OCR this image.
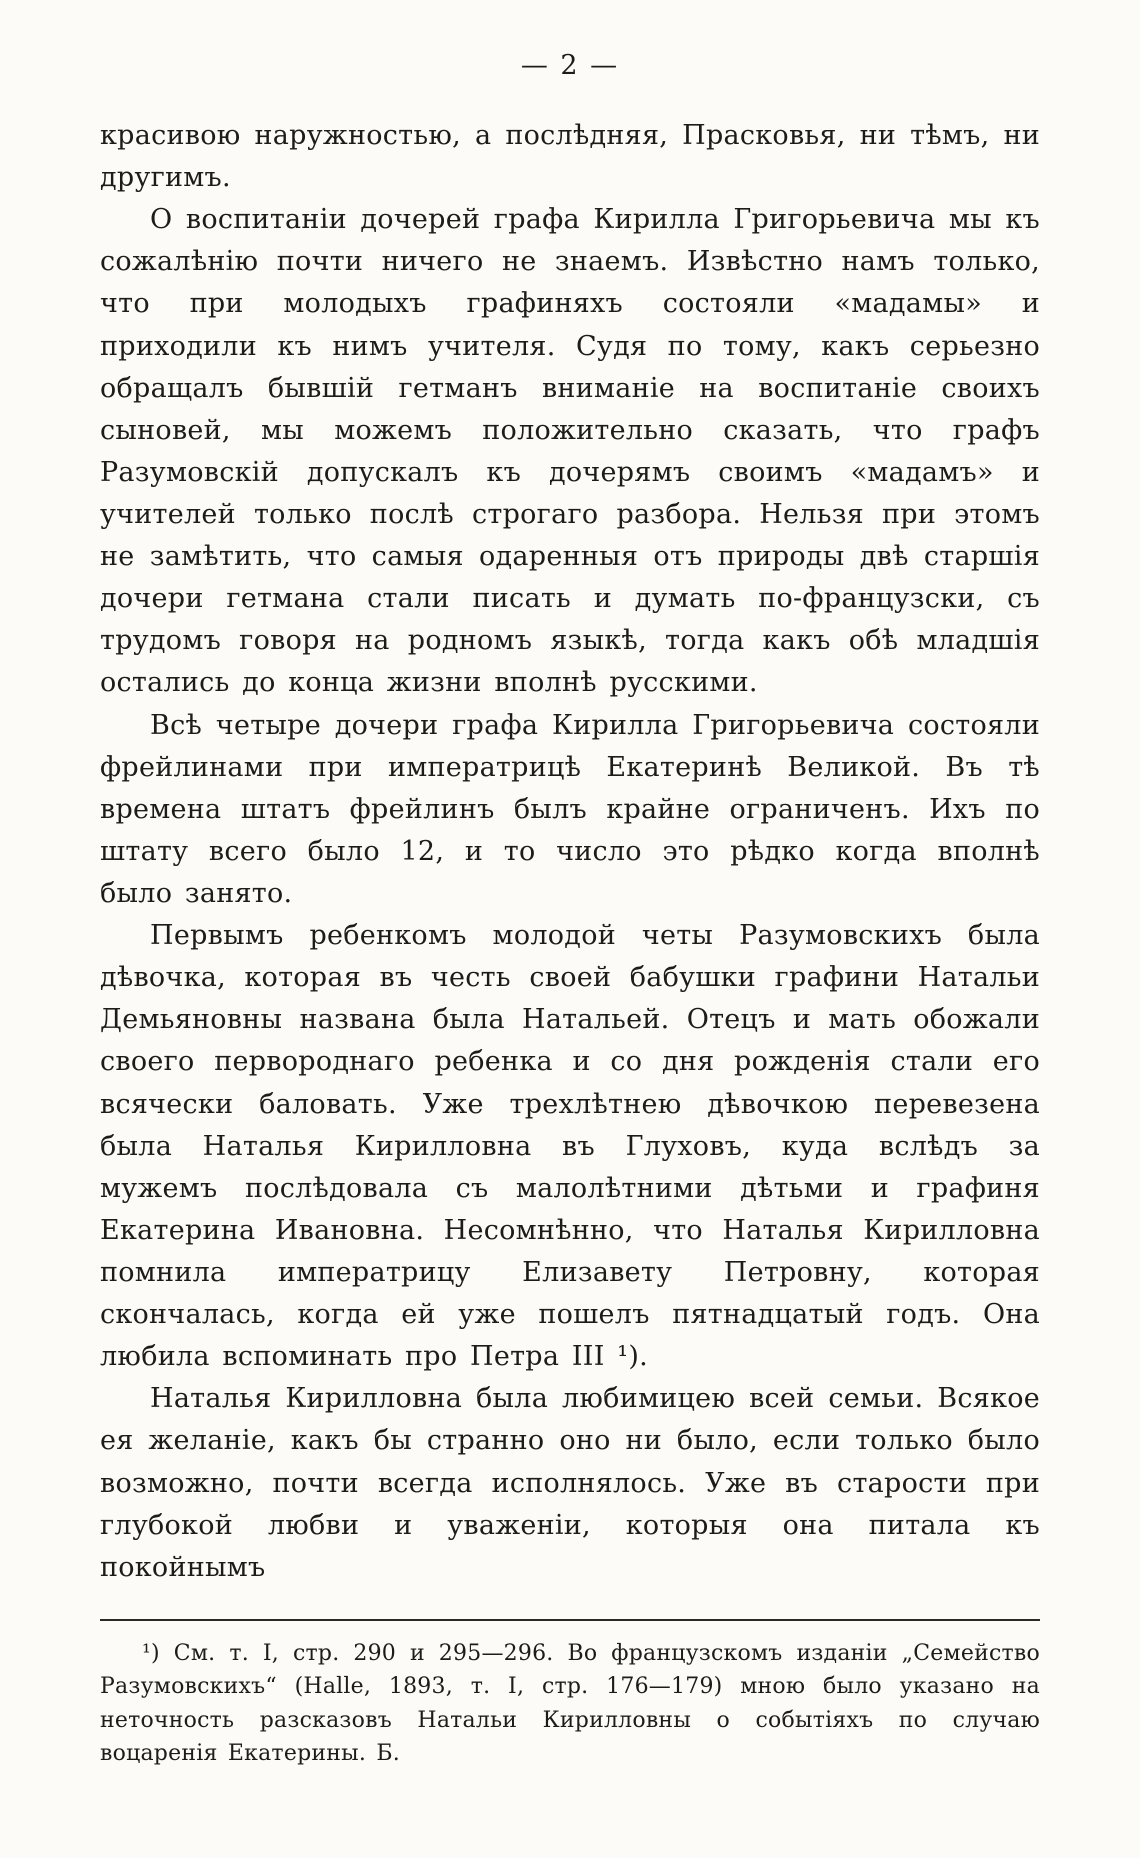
— 2 —

красивою наружностью, а послѣдняя, Прасковья, ни тѣмъ, ни другимъ.

О воспитаніи дочерей графа Кирилла Григорьевича мы къ сожалѣнію почти ничего не знаемъ. Извѣстно намъ только, что при молодыхъ графиняхъ состояли «мадамы» и приходили къ нимъ учителя. Судя по тому, какъ серьезно обращалъ бывшій гетманъ вниманіе на воспитаніе своихъ сыновей, мы можемъ положительно сказать, что графъ Разумовскій допускалъ къ дочерямъ своимъ «мадамъ» и учителей только послѣ строгаго разбора. Нельзя при этомъ не замѣтить, что самыя одаренныя отъ природы двѣ старшія дочери гетмана стали писать и думать по-французски, съ трудомъ говоря на родномъ языкѣ, тогда какъ обѣ младшія остались до конца жизни вполнѣ русскими.

Всѣ четыре дочери графа Кирилла Григорьевича состояли фрейлинами при императрицѣ Екатеринѣ Великой. Въ тѣ времена штатъ фрейлинъ былъ крайне ограниченъ. Ихъ по штату всего было 12, и то число это рѣдко когда вполнѣ было занято.

Первымъ ребенкомъ молодой четы Разумовскихъ была дѣвочка, которая въ честь своей бабушки графини Натальи Демьяновны названа была Натальей. Отецъ и мать обожали своего первороднаго ребенка и со дня рожденія стали его всячески баловать. Уже трехлѣтнею дѣвочкою перевезена была Наталья Кирилловна въ Глуховъ, куда вслѣдъ за мужемъ послѣдовала съ малолѣтними дѣтьми и графиня Екатерина Ивановна. Несомнѣнно, что Наталья Кирилловна помнила императрицу Елизавету Петровну, которая скончалась, когда ей уже пошелъ пятнадцатый годъ. Она любила вспоминать про Петра III ¹).

Наталья Кирилловна была любимицею всей семьи. Всякое ея желаніе, какъ бы странно оно ни было, если только было возможно, почти всегда исполнялось. Уже въ старости при глубокой любви и уваженіи, которыя она питала къ покойнымъ

¹) См. т. I, стр. 290 и 295—296. Во французскомъ изданіи „Семейство Разумовскихъ“ (Halle, 1893, т. I, стр. 176—179) мною было указано на неточность разсказовъ Натальи Кирилловны о событіяхъ по случаю воцаренія Екатерины. Б.
